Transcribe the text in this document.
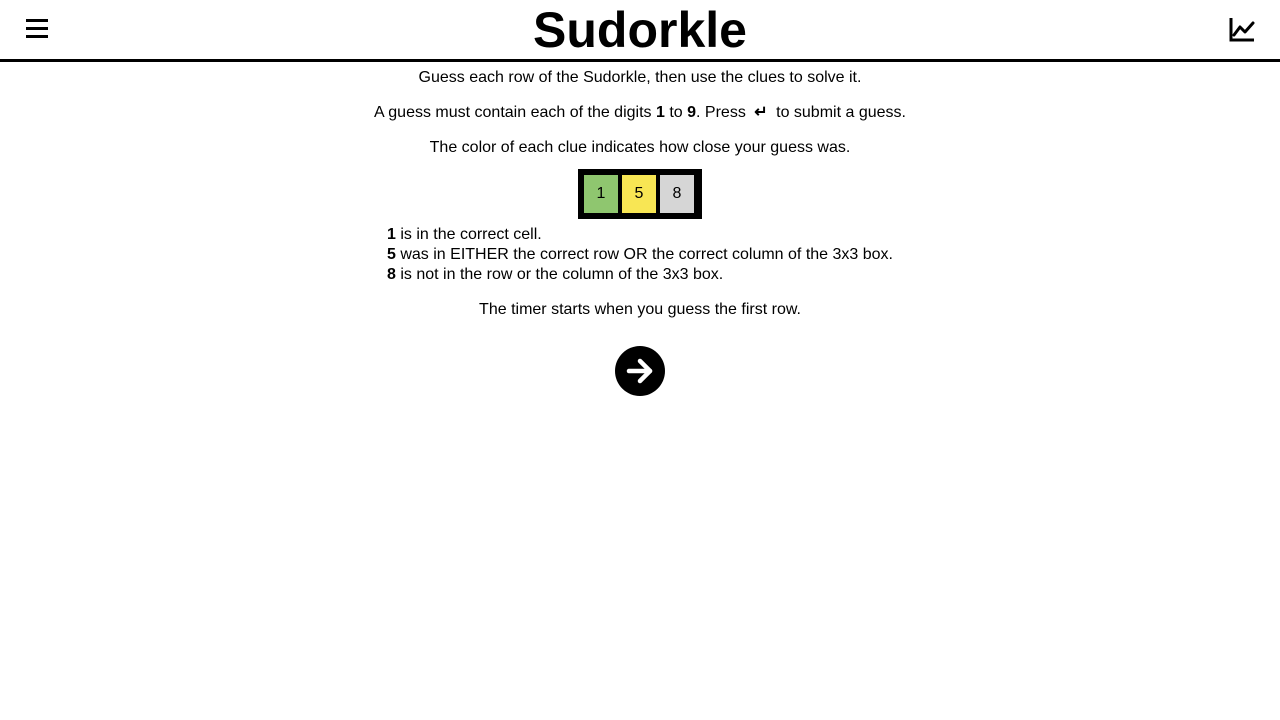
Sudorkle

Guess each row of the Sudorkle, then use the clues to solve it.

A guess must contain each of the digits 1 to 9. Press ↵ to submit a guess.

The color of each clue indicates how close your guess was.

1	5	8
1 is in the correct cell.
5 was in EITHER the correct row OR the correct column of the 3x3 box.
8 is not in the row or the column of the 3x3 box.

The timer starts when you guess the first row.
